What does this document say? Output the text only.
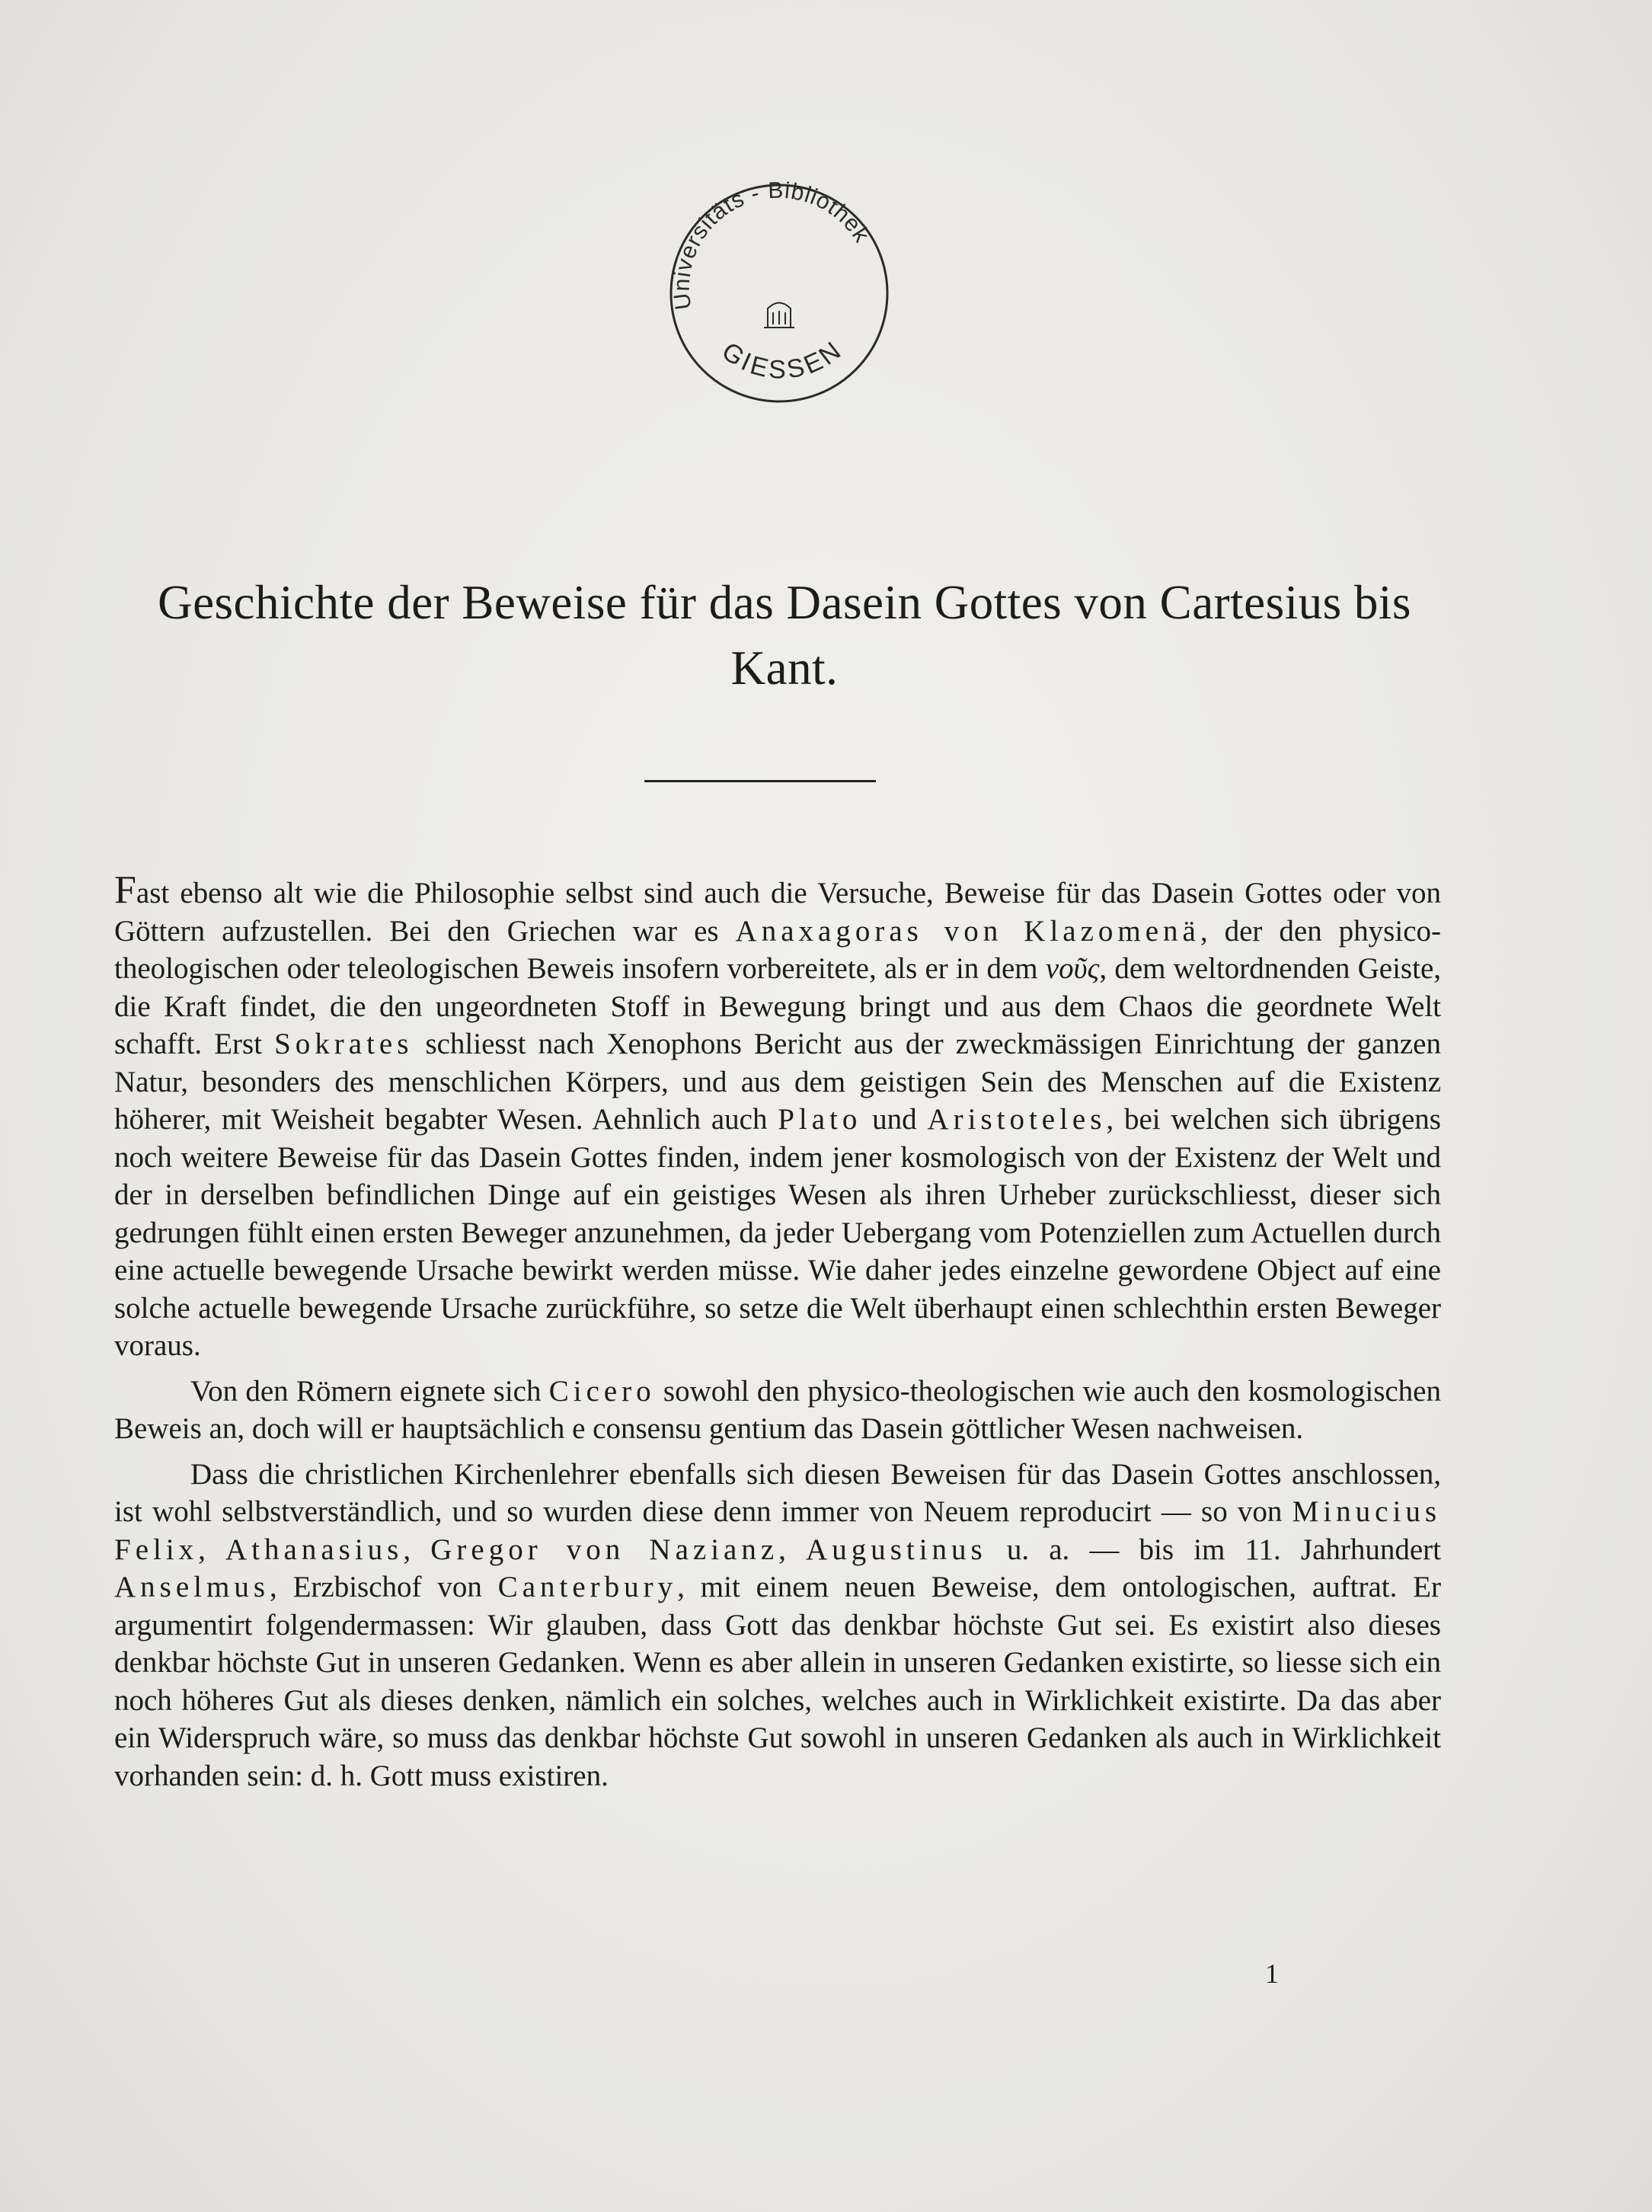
Universitäts - Bibliothek
GIESSEN
Geschichte der Beweise für das Dasein Gottes von Cartesius bis Kant.

Fast ebenso alt wie die Philosophie selbst sind auch die Versuche, Beweise für das Dasein Gottes oder von Göttern aufzustellen. Bei den Griechen war es Anaxagoras von Klazomenä, der den physico-theologischen oder teleologischen Beweis insofern vorbereitete, als er in dem νοῦς, dem weltordnenden Geiste, die Kraft findet, die den ungeordneten Stoff in Bewegung bringt und aus dem Chaos die geordnete Welt schafft. Erst Sokrates schliesst nach Xenophons Bericht aus der zweckmässigen Einrichtung der ganzen Natur, besonders des menschlichen Körpers, und aus dem geistigen Sein des Menschen auf die Existenz höherer, mit Weisheit begabter Wesen. Aehnlich auch Plato und Aristoteles, bei welchen sich übrigens noch weitere Beweise für das Dasein Gottes finden, indem jener kosmologisch von der Existenz der Welt und der in derselben befindlichen Dinge auf ein geistiges Wesen als ihren Urheber zurückschliesst, dieser sich gedrungen fühlt einen ersten Beweger anzunehmen, da jeder Uebergang vom Potenziellen zum Actuellen durch eine actuelle bewegende Ursache bewirkt werden müsse. Wie daher jedes einzelne gewordene Object auf eine solche actuelle bewegende Ursache zurückführe, so setze die Welt überhaupt einen schlechthin ersten Beweger voraus.

Von den Römern eignete sich Cicero sowohl den physico-theologischen wie auch den kosmologischen Beweis an, doch will er hauptsächlich e consensu gentium das Dasein göttlicher Wesen nachweisen.

Dass die christlichen Kirchenlehrer ebenfalls sich diesen Beweisen für das Dasein Gottes anschlossen, ist wohl selbstverständlich, und so wurden diese denn immer von Neuem reproducirt — so von Minucius Felix, Athanasius, Gregor von Nazianz, Augustinus u. a. — bis im 11. Jahrhundert Anselmus, Erzbischof von Canterbury, mit einem neuen Beweise, dem ontologischen, auftrat. Er argumentirt folgendermassen: Wir glauben, dass Gott das denkbar höchste Gut sei. Es existirt also dieses denkbar höchste Gut in unseren Gedanken. Wenn es aber allein in unseren Gedanken existirte, so liesse sich ein noch höheres Gut als dieses denken, nämlich ein solches, welches auch in Wirklichkeit existirte. Da das aber ein Widerspruch wäre, so muss das denkbar höchste Gut sowohl in unseren Gedanken als auch in Wirklichkeit vorhanden sein: d. h. Gott muss existiren.

1
